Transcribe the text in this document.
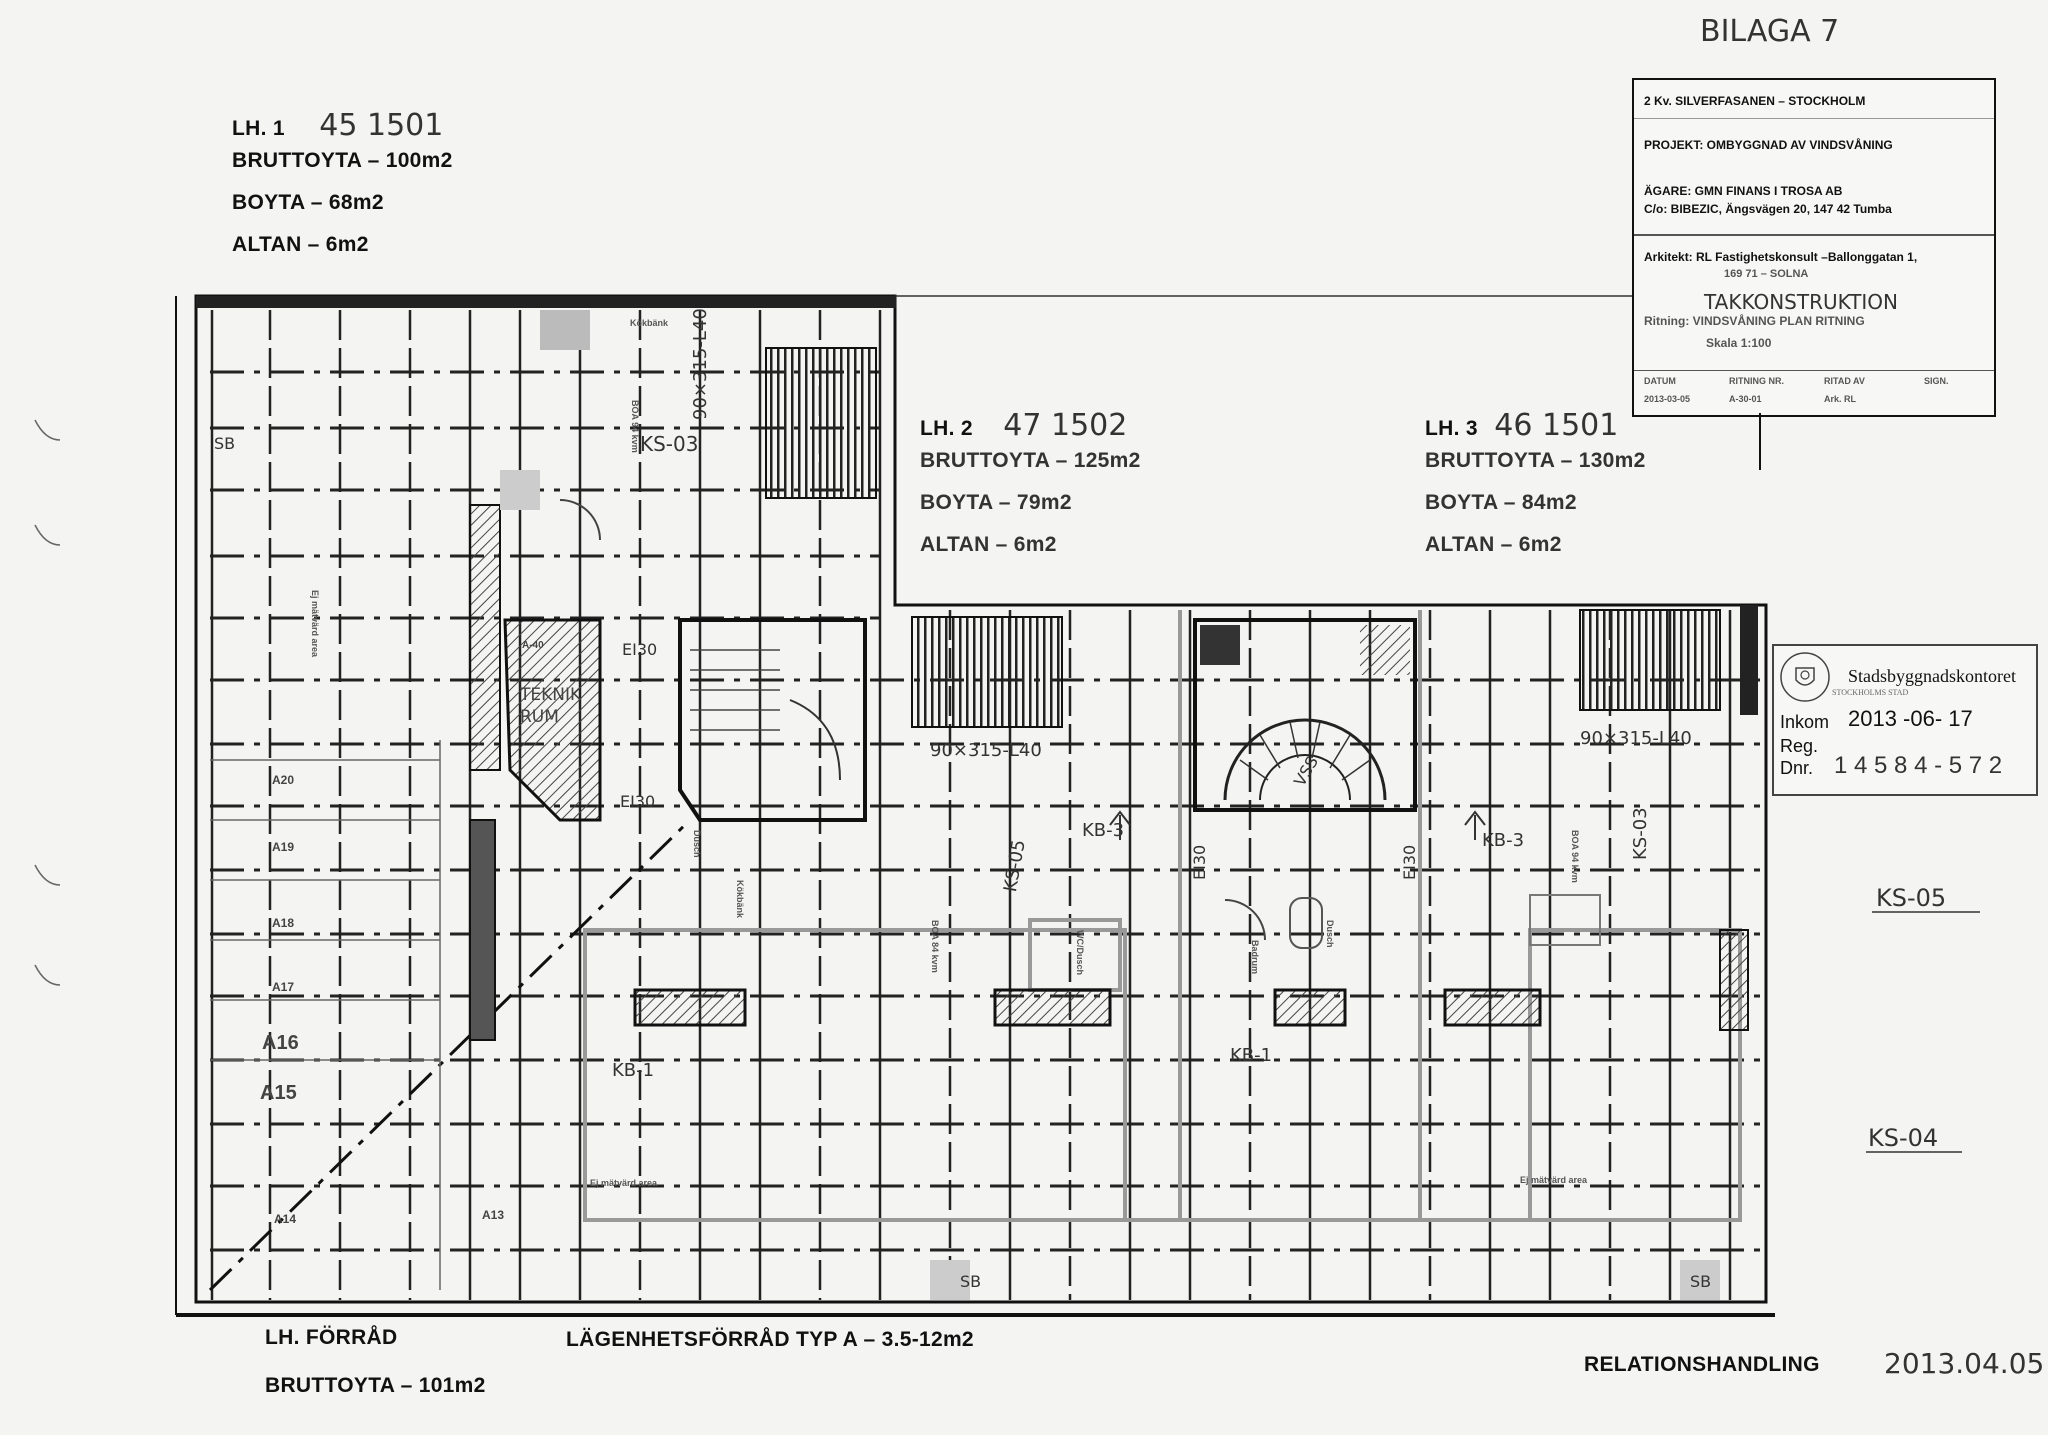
BILAGA 7
LH. 1 45 1501
BRUTTOYTA – 100m2
BOYTA – 68m2
ALTAN – 6m2
LH. 2 47 1502
BRUTTOYTA – 125m2
BOYTA – 79m2
ALTAN – 6m2
LH. 3 46 1501
BRUTTOYTA – 130m2
BOYTA – 84m2
ALTAN – 6m2
2 Kv. SILVERFASANEN – STOCKHOLM
PROJEKT: OMBYGGNAD AV VINDSVÅNING
ÄGARE: GMN FINANS I TROSA AB
C/o: BIBEZIC, Ängsvägen 20, 147 42 Tumba
Arkitekt: RL Fastighetskonsult –Ballonggatan 1,
169 71 – SOLNA
TAKKONSTRUKTION
Ritning: VINDSVÅNING PLAN RITNING
Skala 1:100
DATUM	RITNING NR.	RITAD AV	SIGN.
2013-03-05	A-30-01	Ark. RL
STOCKHOLMS STAD
Stadsbyggnadskontoret
Inkom 2013 -06- 17
Reg.
Dnr. 1 4 5 8 4 - 5 7 2
KS-03
90×315-L40
90×315-L40
90×315-L40
KS-05
KS-03
KB-3	KB-3
KB-1
KB-1
EI30
EI30
EI30	EI30
KS-05
KS-04
SB
SB	SB
TEKNIK RUM
VSS
A20
A19
A18
A17
A16
A15
A14	A13
A-40
Kökbänk
Kökbänk
BOA 94 kvm
BOA 84 kvm
BOA 94 kvm
Ej mätvärd area	Ej mätvärd area
Ej mätvärd area
WC/Dusch	Badrum
Dusch
Dusch
LH. FÖRRÅD
BRUTTOYTA – 101m2
LÄGENHETSFÖRRÅD TYP A – 3.5-12m2
RELATIONSHANDLING 2013.04.05
